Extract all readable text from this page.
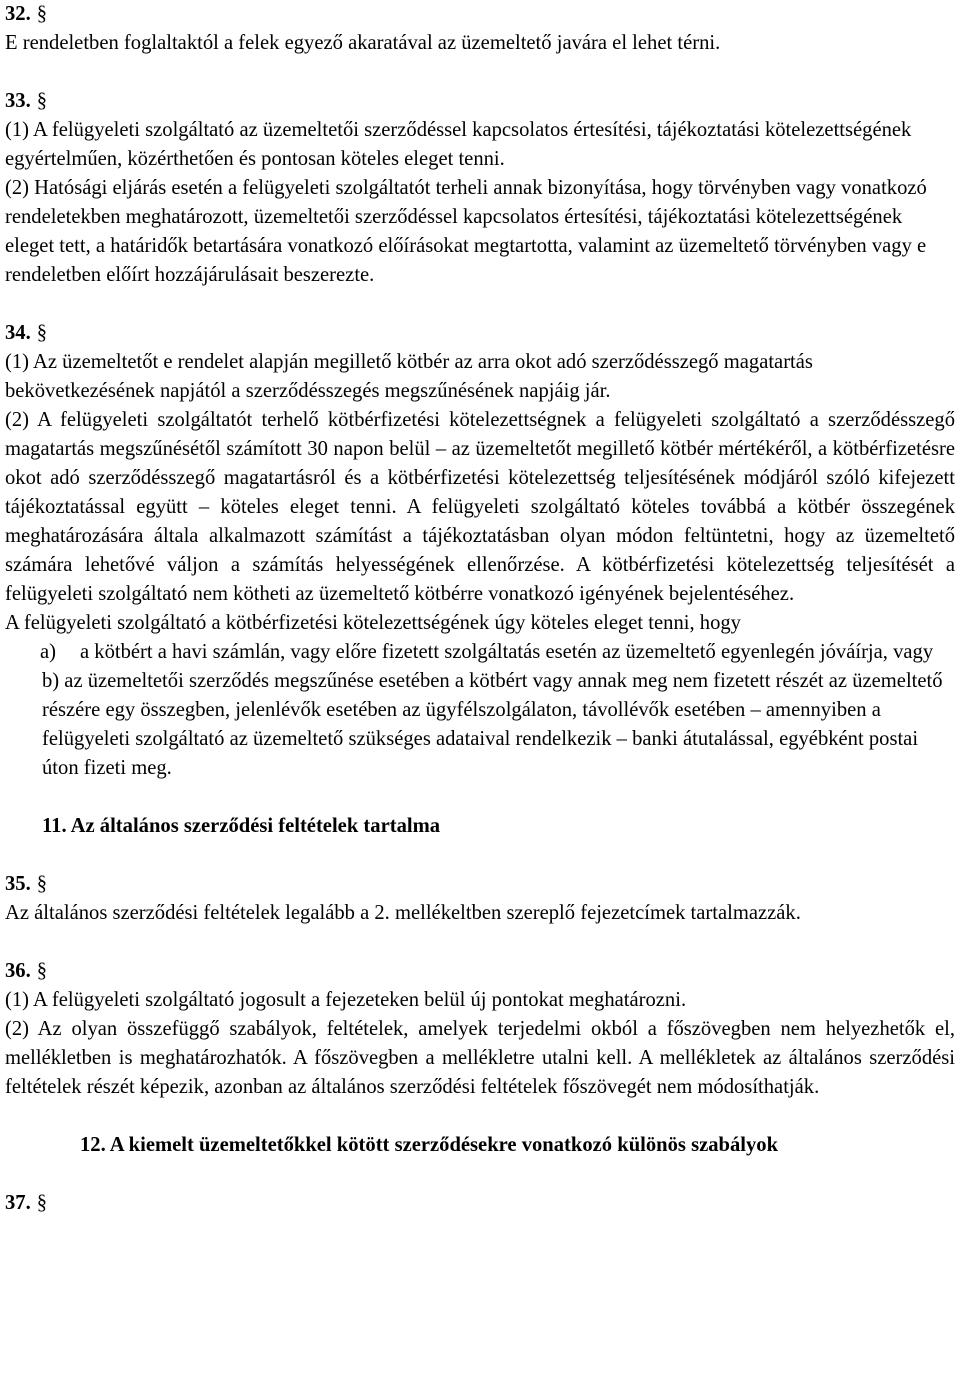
32. §

E rendeletben foglaltaktól a felek egyező akaratával az üzemeltető javára el lehet térni.

33. §

(1) A felügyeleti szolgáltató az üzemeltetői szerződéssel kapcsolatos értesítési, tájékoztatási kötelezettségének egyértelműen, közérthetően és pontosan köteles eleget tenni.

(2) Hatósági eljárás esetén a felügyeleti szolgáltatót terheli annak bizonyítása, hogy törvényben vagy vonatkozó rendeletekben meghatározott, üzemeltetői szerződéssel kapcsolatos értesítési, tájékoztatási kötelezettségének eleget tett, a határidők betartására vonatkozó előírásokat megtartotta, valamint az üzemeltető törvényben vagy e rendeletben előírt hozzájárulásait beszerezte.

34. §

(1) Az üzemeltetőt e rendelet alapján megillető kötbér az arra okot adó szerződésszegő magatartás bekövetkezésének napjától a szerződésszegés megszűnésének napjáig jár.

(2) A felügyeleti szolgáltatót terhelő kötbérfizetési kötelezettségnek a felügyeleti szolgáltató a szerződésszegő magatartás megszűnésétől számított 30 napon belül – az üzemeltetőt megillető kötbér mértékéről, a kötbérfizetésre okot adó szerződésszegő magatartásról és a kötbérfizetési kötelezettség teljesítésének módjáról szóló kifejezett tájékoztatással együtt – köteles eleget tenni. A felügyeleti szolgáltató köteles továbbá a kötbér összegének meghatározására általa alkalmazott számítást a tájékoztatásban olyan módon feltüntetni, hogy az üzemeltető számára lehetővé váljon a számítás helyességének ellenőrzése. A kötbérfizetési kötelezettség teljesítését a felügyeleti szolgáltató nem kötheti az üzemeltető kötbérre vonatkozó igényének bejelentéséhez.

A felügyeleti szolgáltató a kötbérfizetési kötelezettségének úgy köteles eleget tenni, hogy

a)	a kötbért a havi számlán, vagy előre fizetett szolgáltatás esetén az üzemeltető egyenlegén jóváírja, vagy

b) az üzemeltetői szerződés megszűnése esetében a kötbért vagy annak meg nem fizetett részét az üzemeltető részére egy összegben, jelenlévők esetében az ügyfélszolgálaton, távollévők esetében – amennyiben a felügyeleti szolgáltató az üzemeltető szükséges adataival rendelkezik – banki átutalással, egyébként postai úton fizeti meg.

11. Az általános szerződési feltételek tartalma

35. §

Az általános szerződési feltételek legalább a 2. mellékeltben szereplő fejezetcímek tartalmazzák.

36. §

(1) A felügyeleti szolgáltató jogosult a fejezeteken belül új pontokat meghatározni.

(2) Az olyan összefüggő szabályok, feltételek, amelyek terjedelmi okból a főszövegben nem helyezhetők el, mellékletben is meghatározhatók. A főszövegben a mellékletre utalni kell. A mellékletek az általános szerződési feltételek részét képezik, azonban az általános szerződési feltételek főszövegét nem módosíthatják.

12. A kiemelt üzemeltetőkkel kötött szerződésekre vonatkozó különös szabályok

37. §
